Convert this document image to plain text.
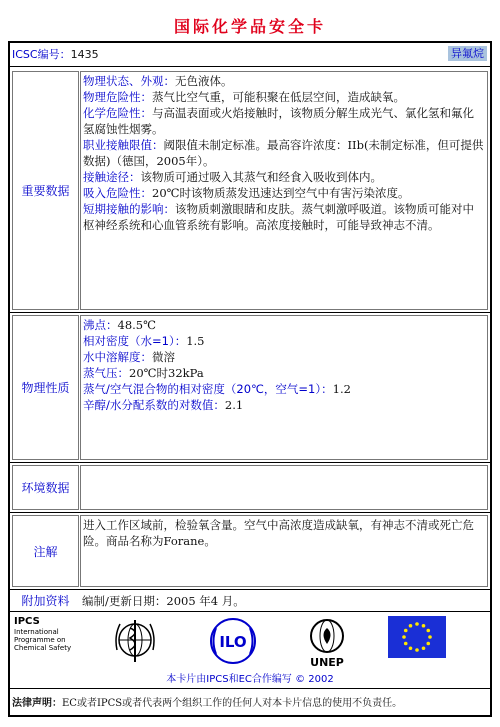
国际化学品安全卡
ICSC编号：1435	异氟烷
重要数据
物理状态、外观：无色液体。
物理危险性：蒸气比空气重，可能积聚在低层空间，造成缺氧。
化学危险性：与高温表面或火焰接触时，该物质分解生成光气、氯化氢和氟化氢腐蚀性烟雾。
职业接触限值：阈限值未制定标准。最高容许浓度：IIb(未制定标准，但可提供数据)（德国，2005年）。
接触途径：该物质可通过吸入其蒸气和经食入吸收到体内。
吸入危险性：20℃时该物质蒸发迅速达到空气中有害污染浓度。
短期接触的影响：该物质刺激眼睛和皮肤。蒸气刺激呼吸道。该物质可能对中枢神经系统和心血管系统有影响。高浓度接触时，可能导致神志不清。
物理性质
沸点：48.5℃
相对密度（水=1）：1.5
水中溶解度：微溶
蒸气压：20℃时32kPa
蒸气/空气混合物的相对密度（20℃，空气=1）：1.2
辛醇/水分配系数的对数值：2.1
环境数据
注解
进入工作区域前，检验氧含量。空气中高浓度造成缺氧，有神志不清或死亡危险。商品名称为Forane。
附加资料	编制/更新日期：2005 年4 月。
IPCS
International
Programme on
Chemical Safety	ILO
UNEP
本卡片由IPCS和EC合作编写 © 2002
法律声明：EC或者IPCS或者代表两个组织工作的任何人对本卡片信息的使用不负责任。
